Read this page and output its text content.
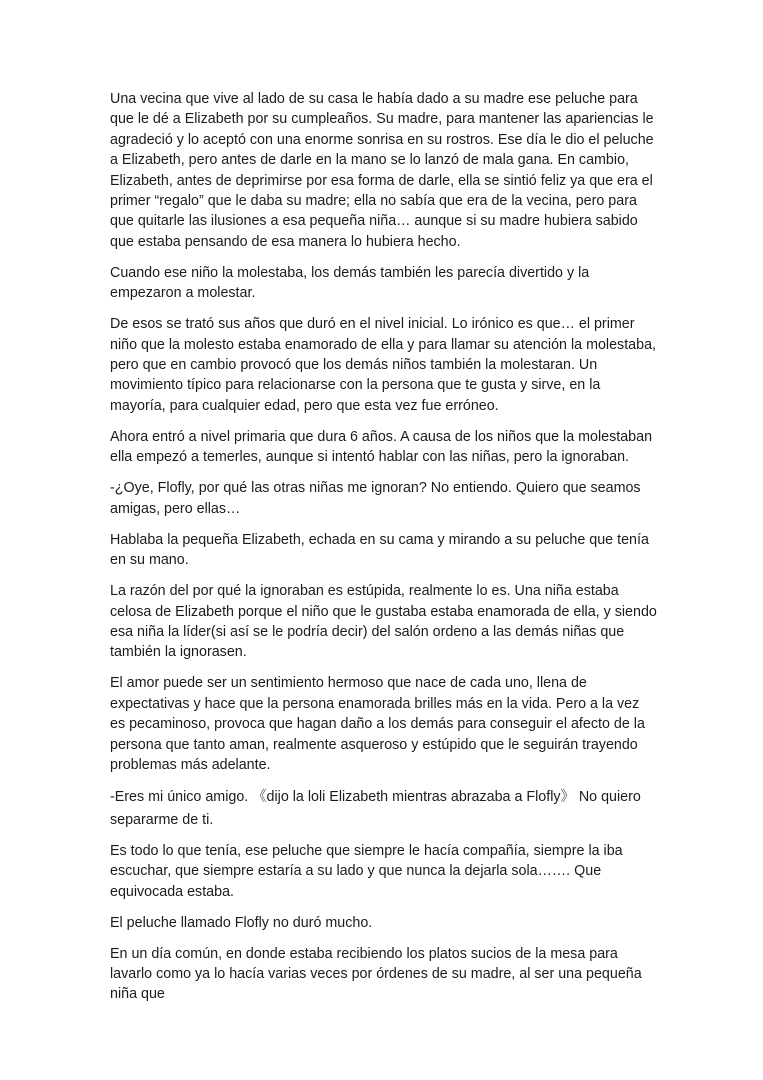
Una vecina que vive al lado de su casa le había dado a su madre ese peluche para que le dé a Elizabeth por su cumpleaños. Su madre, para mantener las apariencias le agradeció y lo aceptó con una enorme sonrisa en su rostros. Ese día le dio el peluche a Elizabeth, pero antes de darle en la mano se lo lanzó de mala gana. En cambio, Elizabeth, antes de deprimirse por esa forma de darle, ella se sintió feliz ya que era el primer “regalo” que le daba su madre; ella no sabía que era de la vecina, pero para que quitarle las ilusiones a esa pequeña niña… aunque si su madre hubiera sabido que estaba pensando de esa manera lo hubiera hecho.

Cuando ese niño la molestaba, los demás también les parecía divertido y la empezaron a molestar.

De esos se trató sus años que duró en el nivel inicial. Lo irónico es que… el primer niño que la molesto estaba enamorado de ella y para llamar su atención la molestaba, pero que en cambio provocó que los demás niños también la molestaran. Un movimiento típico para relacionarse con la persona que te gusta y sirve, en la mayoría, para cualquier edad, pero que esta vez fue erróneo.

Ahora entró a nivel primaria que dura 6 años. A causa de los niños que la molestaban ella empezó a temerles, aunque si intentó hablar con las niñas, pero la ignoraban.

-¿Oye, Flofly, por qué las otras niñas me ignoran? No entiendo. Quiero que seamos amigas, pero ellas…

Hablaba la pequeña Elizabeth, echada en su cama y mirando a su peluche que tenía en su mano.

La razón del por qué la ignoraban es estúpida, realmente lo es. Una niña estaba celosa de Elizabeth porque el niño que le gustaba estaba enamorada de ella, y siendo esa niña la líder(si así se le podría decir) del salón ordeno a las demás niñas que también la ignorasen.

El amor puede ser un sentimiento hermoso que nace de cada uno, llena de expectativas y hace que la persona enamorada brilles más en la vida. Pero a la vez es pecaminoso, provoca que hagan daño a los demás para conseguir el afecto de la persona que tanto aman, realmente asqueroso y estúpido que le seguirán trayendo problemas más adelante.

-Eres mi único amigo. 《dijo la loli Elizabeth mientras abrazaba a Flofly》 No quiero separarme de ti.

Es todo lo que tenía, ese peluche que siempre le hacía compañía, siempre la iba escuchar, que siempre estaría a su lado y que nunca la dejarla sola……. Que equivocada estaba.

El peluche llamado Flofly no duró mucho.

En un día común, en donde estaba recibiendo los platos sucios de la mesa para lavarlo como ya lo hacía varias veces por órdenes de su madre, al ser una pequeña niña que
